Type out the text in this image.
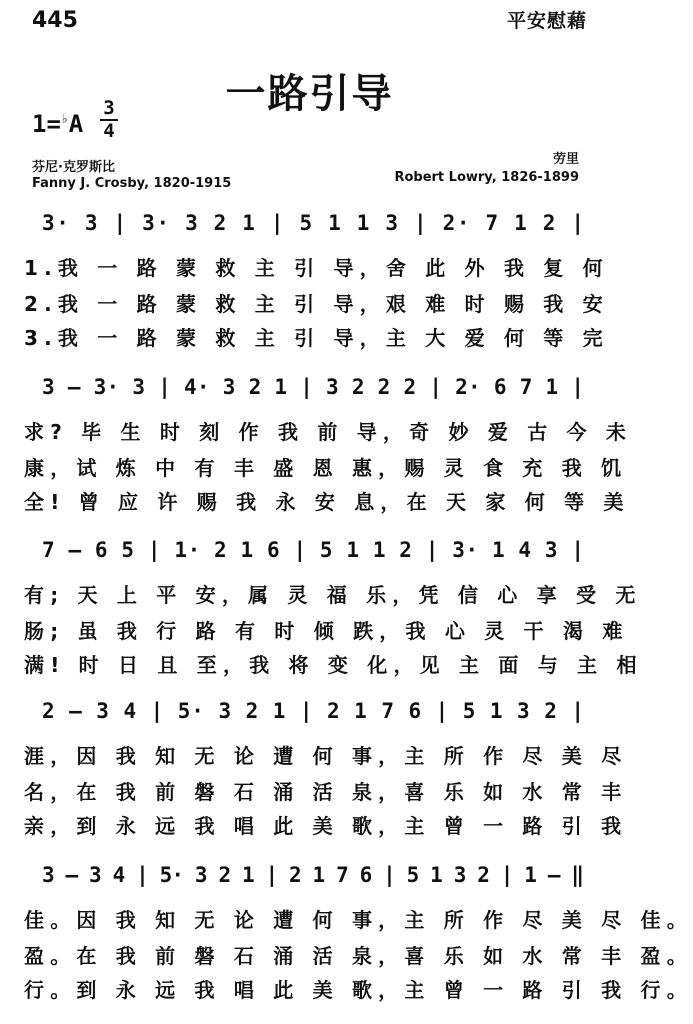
445	平安慰藉
一路引导
1=♭A
3
4
芬尼·克罗斯比
Fanny J. Crosby, 1820-1915
劳里
Robert Lowry, 1826-1899
3· 3 | 3· 3 2 1 | 5 1 1 3 | 2· 7 1 2 |
3 – 3· 3 | 4· 3 2 1 | 3 2 2 2 | 2· 6 7 1 |
7 – 6 5 | 1· 2 1 6 | 5 1 1 2 | 3· 1 4 3 |
2 – 3 4 | 5· 3 2 1 | 2 1 7 6 | 5 1 3 2 |
3 – 3 4 | 5· 3 2 1 | 2 1 7 6 | 5 1 3 2 | 1 – ‖
1.我 一 路 蒙 救 主 引 导，舍 此 外 我 复 何
2.我 一 路 蒙 救 主 引 导，艰 难 时 赐 我 安
3.我 一 路 蒙 救 主 引 导，主 大 爱 何 等 完
求? 毕 生 时 刻 作 我 前 导，奇 妙 爱 古 今 未
康，试 炼 中 有 丰 盛 恩 惠，赐 灵 食 充 我 饥
全! 曾 应 许 赐 我 永 安 息，在 天 家 何 等 美
有; 天 上 平 安，属 灵 福 乐，凭 信 心 享 受 无
肠; 虽 我 行 路 有 时 倾 跌，我 心 灵 干 渴 难
满! 时 日 且 至，我 将 变 化，见 主 面 与 主 相
涯，因 我 知 无 论 遭 何 事，主 所 作 尽 美 尽
名，在 我 前 磐 石 涌 活 泉，喜 乐 如 水 常 丰
亲，到 永 远 我 唱 此 美 歌，主 曾 一 路 引 我
佳。因 我 知 无 论 遭 何 事，主 所 作 尽 美 尽 佳。
盈。在 我 前 磐 石 涌 活 泉，喜 乐 如 水 常 丰 盈。
行。到 永 远 我 唱 此 美 歌，主 曾 一 路 引 我 行。
